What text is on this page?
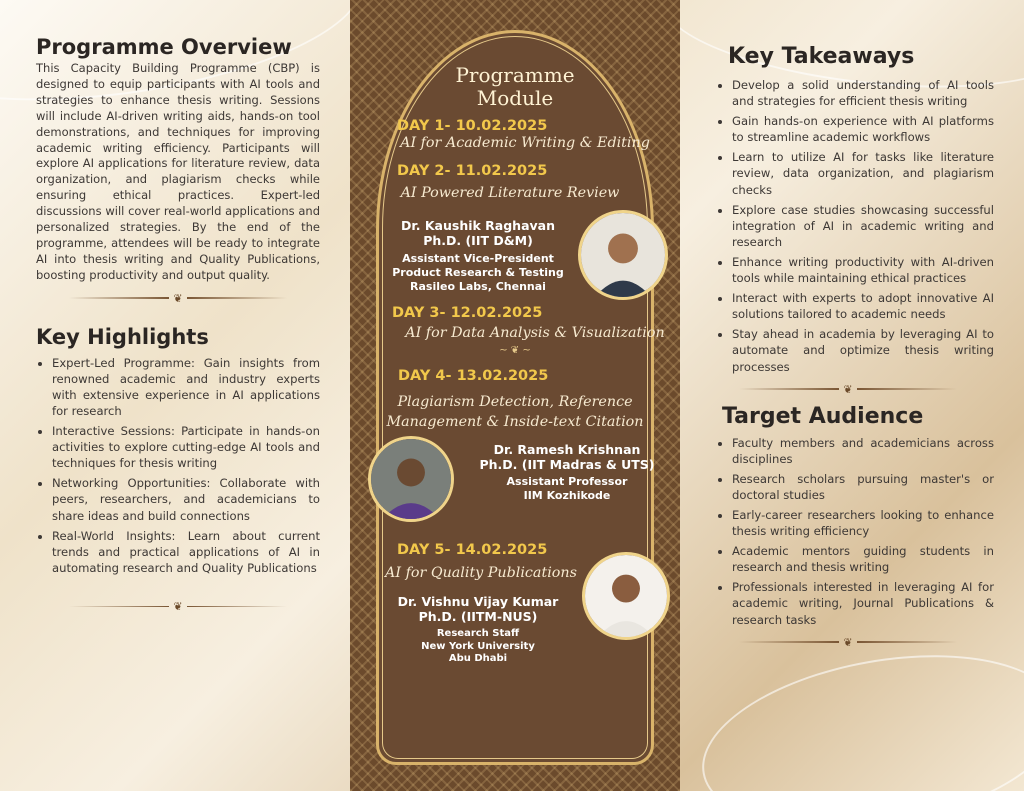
Programme Overview

This Capacity Building Programme (CBP) is designed to equip participants with AI tools and strategies to enhance thesis writing. Sessions will include AI-driven writing aids, hands-on tool demonstrations, and techniques for improving academic writing efficiency. Participants will explore AI applications for literature review, data organization, and plagiarism checks while ensuring ethical practices. Expert-led discussions will cover real-world applications and personalized strategies. By the end of the programme, attendees will be ready to integrate AI into thesis writing and Quality Publications, boosting productivity and output quality.

❦
Key Highlights
• Expert-Led Programme: Gain insights from renowned academic and industry experts with extensive experience in AI applications for research
• Interactive Sessions: Participate in hands-on activities to explore cutting-edge AI tools and techniques for thesis writing
• Networking Opportunities: Collaborate with peers, researchers, and academicians to share ideas and build connections
• Real-World Insights: Learn about current trends and practical applications of AI in automating research and Quality Publications
❦
Programme
Module
DAY 1- 10.02.2025
AI for Academic Writing & Editing
DAY 2- 11.02.2025
AI Powered Literature Review
Dr. Kaushik Raghavan
Ph.D. (IIT D&M)
Assistant Vice-President
Product Research & Testing
Rasileo Labs, Chennai
DAY 3- 12.02.2025
AI for Data Analysis & Visualization
~ ❦ ~
DAY 4- 13.02.2025
Plagiarism Detection, Reference
Management & Inside-text Citation
Dr. Ramesh Krishnan
Ph.D. (IIT Madras & UTS)
Assistant Professor
IIM Kozhikode
DAY 5- 14.02.2025
AI for Quality Publications
Dr. Vishnu Vijay Kumar
Ph.D. (IITM-NUS)
Research Staff
New York University
Abu Dhabi
Key Takeaways
• Develop a solid understanding of AI tools and strategies for efficient thesis writing
• Gain hands-on experience with AI platforms to streamline academic workflows
• Learn to utilize AI for tasks like literature review, data organization, and plagiarism checks
• Explore case studies showcasing successful integration of AI in academic writing and research
• Enhance writing productivity with AI-driven tools while maintaining ethical practices
• Interact with experts to adopt innovative AI solutions tailored to academic needs
• Stay ahead in academia by leveraging AI to automate and optimize thesis writing processes
❦
Target Audience
• Faculty members and academicians across disciplines
• Research scholars pursuing master's or doctoral studies
• Early-career researchers looking to enhance thesis writing efficiency
• Academic mentors guiding students in research and thesis writing
• Professionals interested in leveraging AI for academic writing, Journal Publications & research tasks
❦
